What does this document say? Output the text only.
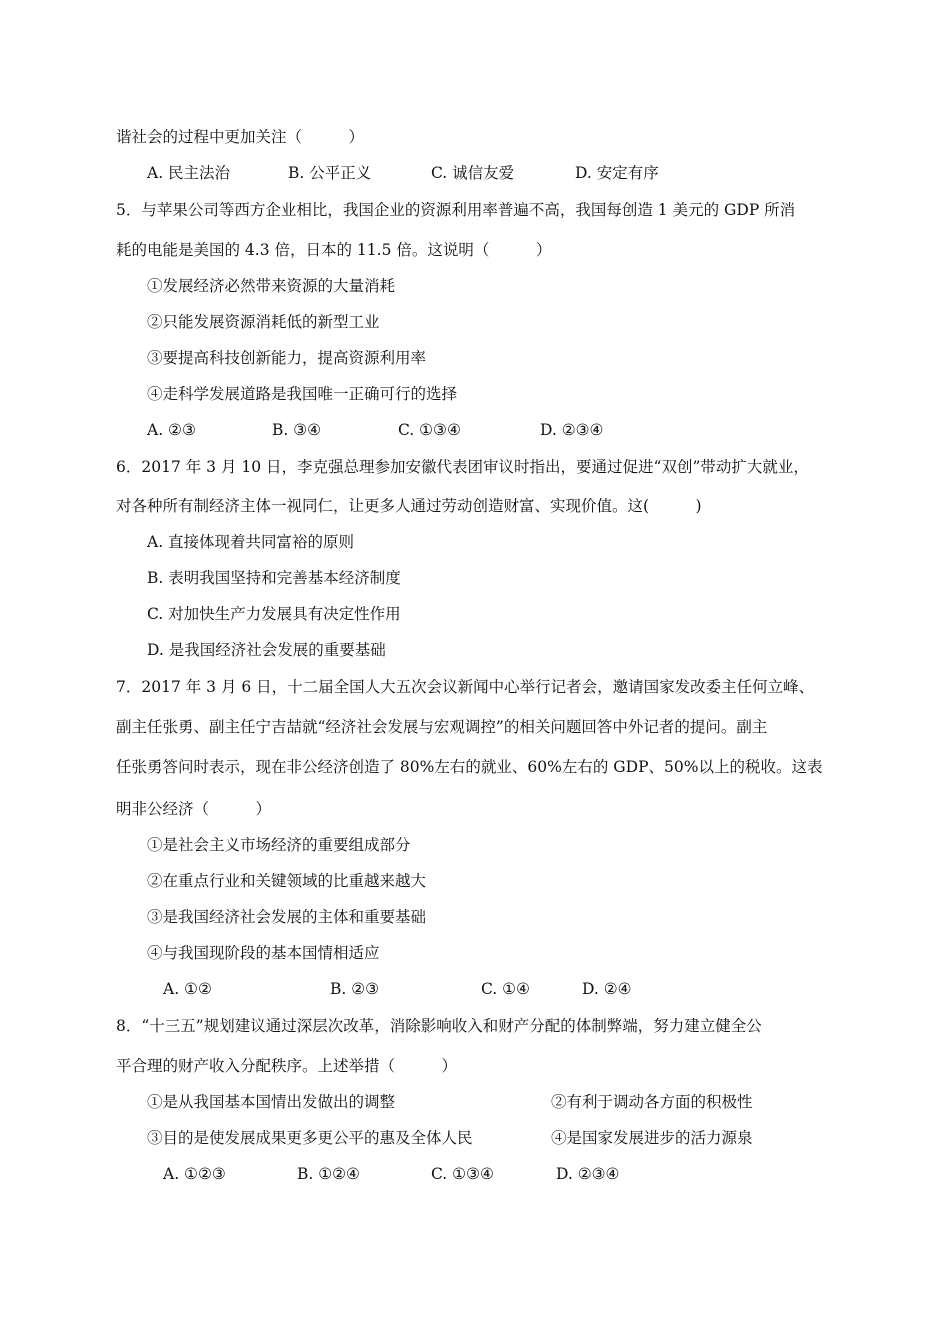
谐社会的过程中更加关注（　　　）
A. 民主法治	B. 公平正义	C. 诚信友爱	D. 安定有序
5．与苹果公司等西方企业相比，我国企业的资源利用率普遍不高，我国每创造 1 美元的 GDP 所消
耗的电能是美国的 4.3 倍，日本的 11.5 倍。这说明（　　　）
①发展经济必然带来资源的大量消耗
②只能发展资源消耗低的新型工业
③要提高科技创新能力，提高资源利用率
④走科学发展道路是我国唯一正确可行的选择
A. ②③	B. ③④	C. ①③④	D. ②③④
6．2017 年 3 月 10 日，李克强总理参加安徽代表团审议时指出，要通过促进“双创”带动扩大就业，
对各种所有制经济主体一视同仁，让更多人通过劳动创造财富、实现价值。这(　　　)
A. 直接体现着共同富裕的原则
B. 表明我国坚持和完善基本经济制度
C. 对加快生产力发展具有决定性作用
D. 是我国经济社会发展的重要基础
7．2017 年 3 月 6 日，十二届全国人大五次会议新闻中心举行记者会，邀请国家发改委主任何立峰、
副主任张勇、副主任宁吉喆就“经济社会发展与宏观调控”的相关问题回答中外记者的提问。副主
任张勇答问时表示，现在非公经济创造了 80%左右的就业、60%左右的 GDP、50%以上的税收。这表
明非公经济（　　　）
①是社会主义市场经济的重要组成部分
②在重点行业和关键领域的比重越来越大
③是我国经济社会发展的主体和重要基础
④与我国现阶段的基本国情相适应
A. ①②	B. ②③	C. ①④	D. ②④
8．“十三五”规划建议通过深层次改革，消除影响收入和财产分配的体制弊端，努力建立健全公
平合理的财产收入分配秩序。上述举措（　　　）
①是从我国基本国情出发做出的调整	②有利于调动各方面的积极性
③目的是使发展成果更多更公平的惠及全体人民	④是国家发展进步的活力源泉
A. ①②③	B. ①②④	C. ①③④	D. ②③④
